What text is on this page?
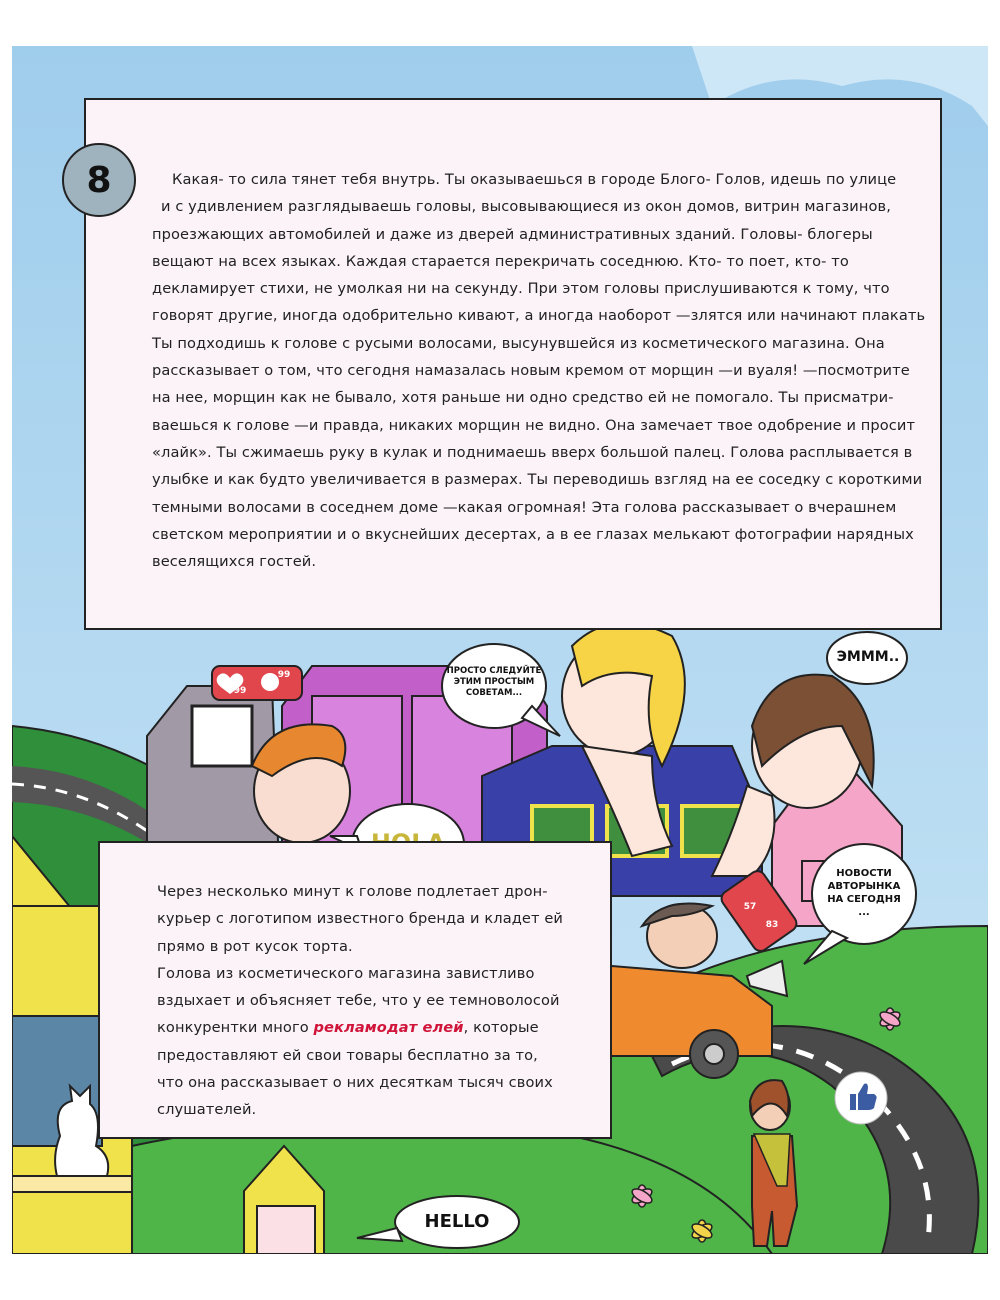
ПРОСТО СЛЕДУЙТЕ
ЭТИМ ПРОСТЫМ
СОВЕТАМ...
ЭМММ..
НОВОСТИ
АВТОРЫНКА
НА СЕГОДНЯ
...
HELLO
99
99
57
83

Какая- то сила тянет тебя внутрь. Ты оказываешься в городе Блого- Голов, идешь по улице
и с удивлением разглядываешь головы, высовывающиеся из окон домов, витрин магазинов,
проезжающих автомобилей и даже из дверей административных зданий. Головы- блогеры
вещают на всех языках. Каждая старается перекричать соседнюю. Кто- то поет, кто- то
декламирует стихи, не умолкая ни на секунду. При этом головы прислушиваются к тому, что
говорят другие, иногда одобрительно кивают, а иногда наоборот —злятся или начинают плакать
Ты подходишь к голове с русыми волосами, высунувшейся из косметического магазина. Она
рассказывает о том, что сегодня намазалась новым кремом от морщин —и вуаля! —посмотрите
на нее, морщин как не бывало, хотя раньше ни одно средство ей не помогало. Ты присматри-
ваешься к голове —и правда, никаких морщин не видно. Она замечает твое одобрение и просит
«лайк». Ты сжимаешь руку в кулак и поднимаешь вверх большой палец. Голова расплывается в
улыбке и как будто увеличивается в размерах. Ты переводишь взгляд на ее соседку с короткими
темными волосами в соседнем доме —какая огромная! Эта голова рассказывает о вчерашнем
светском мероприятии и о вкуснейших десертах, а в ее глазах мелькают фотографии нарядных
веселящихся гостей.

8

Через несколько минут к голове подлетает дрон-
курьер с логотипом известного бренда и кладет ей
прямо в рот кусок торта.
Голова из косметического магазина завистливо
вздыхает и объясняет тебе, что у ее темноволосой
конкурентки много рекламодат елей, которые
предоставляют ей свои товары бесплатно за то,
что она рассказывает о них десяткам тысяч своих
слушателей.
